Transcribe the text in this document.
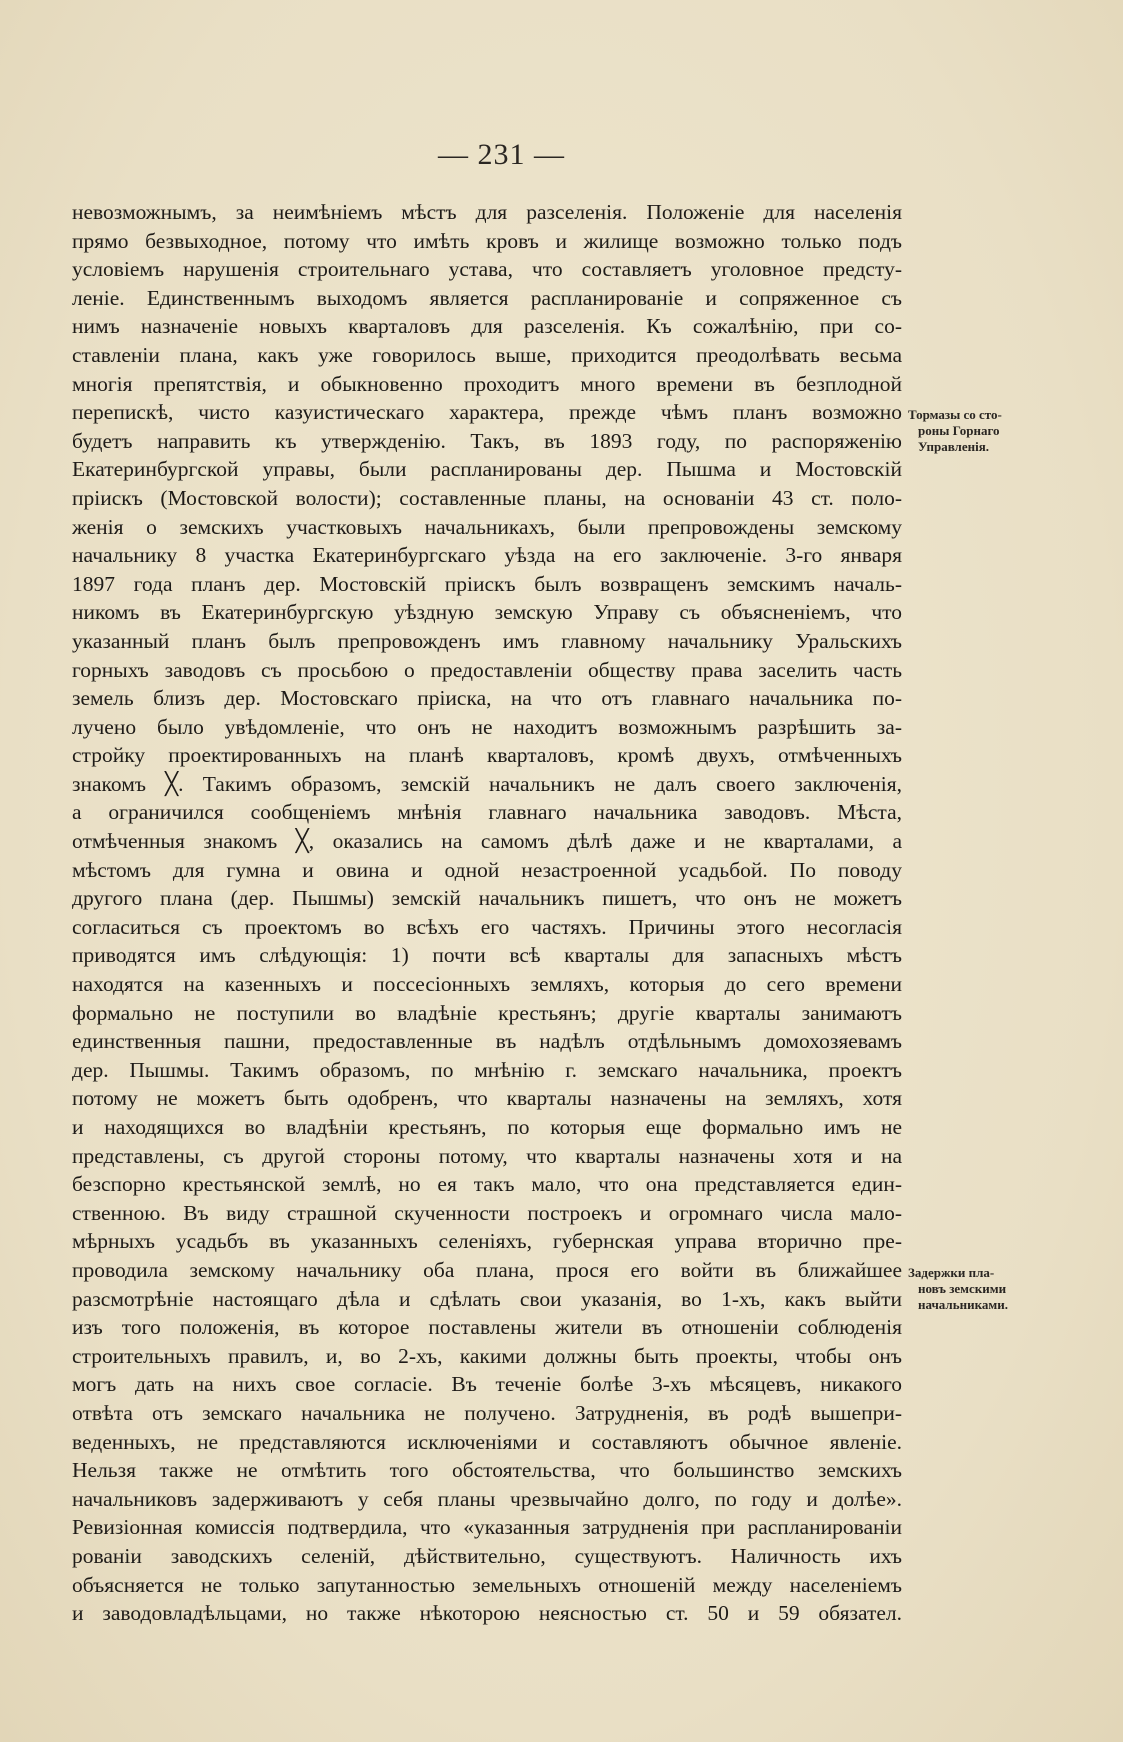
— 231 —
невозможнымъ, за неимѣніемъ мѣстъ для разселенія. Положеніе для населенія
прямо безвыходное, потому что имѣть кровъ и жилище возможно только подъ
условіемъ нарушенія строительнаго устава, что составляетъ уголовное предсту-
леніе. Единственнымъ выходомъ является распланированіе и сопряженное съ
нимъ назначеніе новыхъ кварталовъ для разселенія. Къ сожалѣнію, при со-
ставленіи плана, какъ уже говорилось выше, приходится преодолѣвать весьма
многія препятствія, и обыкновенно проходитъ много времени въ безплодной
перепискѣ, чисто казуистическаго характера, прежде чѣмъ планъ возможно
будетъ направить къ утвержденію. Такъ, въ 1893 году, по распоряженію
Екатеринбургской управы, были распланированы дер. Пышма и Мостовскій
пріискъ (Мостовской волости); составленные планы, на основаніи 43 ст. поло-
женія о земскихъ участковыхъ начальникахъ, были препровождены земскому
начальнику 8 участка Екатеринбургскаго уѣзда на его заключеніе. 3-го января
1897 года планъ дер. Мостовскій пріискъ былъ возвращенъ земскимъ началь-
никомъ въ Екатеринбургскую уѣздную земскую Управу съ объясненіемъ, что
указанный планъ былъ препровожденъ имъ главному начальнику Уральскихъ
горныхъ заводовъ съ просьбою о предоставленіи обществу права заселить часть
земель близъ дер. Мостовскаго пріиска, на что отъ главнаго начальника по-
лучено было увѣдомленіе, что онъ не находитъ возможнымъ разрѣшить за-
стройку проектированныхъ на планѣ кварталовъ, кромѣ двухъ, отмѣченныхъ
знакомъ ╳. Такимъ образомъ, земскій начальникъ не далъ своего заключенія,
а ограничился сообщеніемъ мнѣнія главнаго начальника заводовъ. Мѣста,
отмѣченныя знакомъ ╳, оказались на самомъ дѣлѣ даже и не кварталами, а
мѣстомъ для гумна и овина и одной незастроенной усадьбой. По поводу
другого плана (дер. Пышмы) земскій начальникъ пишетъ, что онъ не можетъ
согласиться съ проектомъ во всѣхъ его частяхъ. Причины этого несогласія
приводятся имъ слѣдующія: 1) почти всѣ кварталы для запасныхъ мѣстъ
находятся на казенныхъ и поссесіонныхъ земляхъ, которыя до сего времени
формально не поступили во владѣніе крестьянъ; другіе кварталы занимаютъ
единственныя пашни, предоставленные въ надѣлъ отдѣльнымъ домохозяевамъ
дер. Пышмы. Такимъ образомъ, по мнѣнію г. земскаго начальника, проектъ
потому не можетъ быть одобренъ, что кварталы назначены на земляхъ, хотя
и находящихся во владѣніи крестьянъ, по которыя еще формально имъ не
представлены, съ другой стороны потому, что кварталы назначены хотя и на
безспорно крестьянской землѣ, но ея такъ мало, что она представляется един-
ственною. Въ виду страшной скученности построекъ и огромнаго числа мало-
мѣрныхъ усадьбъ въ указанныхъ селеніяхъ, губернская управа вторично пре-
проводила земскому начальнику оба плана, прося его войти въ ближайшее
разсмотрѣніе настоящаго дѣла и сдѣлать свои указанія, во 1-хъ, какъ выйти
изъ того положенія, въ которое поставлены жители въ отношеніи соблюденія
строительныхъ правилъ, и, во 2-хъ, какими должны быть проекты, чтобы онъ
могъ дать на нихъ свое согласіе. Въ теченіе болѣе 3-хъ мѣсяцевъ, никакого
отвѣта отъ земскаго начальника не получено. Затрудненія, въ родѣ вышепри-
веденныхъ, не представляются исключеніями и составляютъ обычное явленіе.
Нельзя также не отмѣтить того обстоятельства, что большинство земскихъ
начальниковъ задерживаютъ у себя планы чрезвычайно долго, по году и долѣе».
Ревизіонная комиссія подтвердила, что «указанныя затрудненія при распланированіи
рованіи заводскихъ селеній, дѣйствительно, существуютъ. Наличность ихъ
объясняется не только запутанностью земельныхъ отношеній между населеніемъ
и заводовладѣльцами, но также нѣкоторою неясностью ст. 50 и 59 обязател.
Тормазы со сто-
роны Горнаго
Управленія.
Задержки пла-
новъ земскими
начальниками.
